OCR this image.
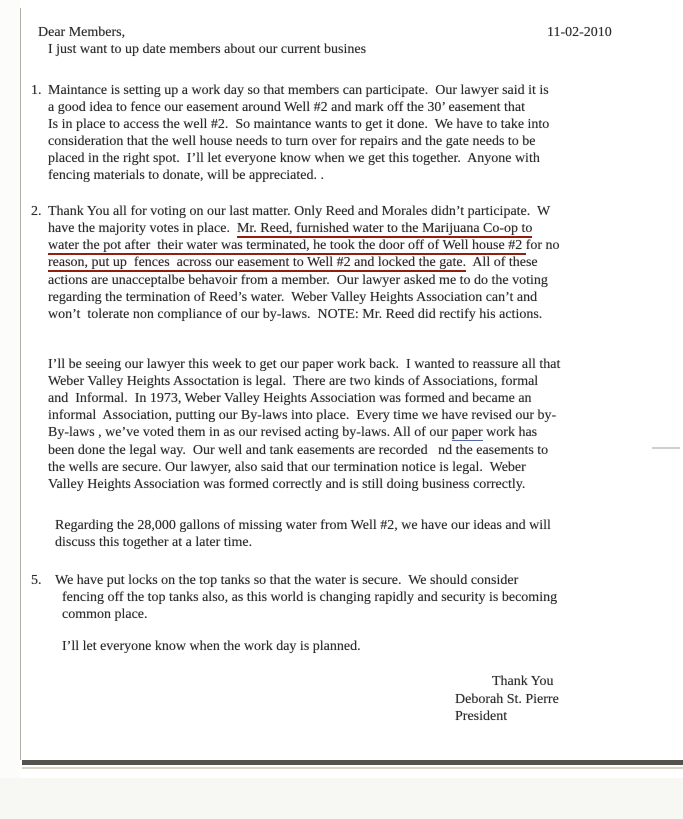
Dear Members,
I just want to up date members about our current busines
11-02-2010
1. Maintance is setting up a work day so that members can participate.  Our lawyer said it is
a good idea to fence our easement around Well #2 and mark off the 30’ easement that
Is in place to access the well #2.  So maintance wants to get it done.  We have to take into
consideration that the well house needs to turn over for repairs and the gate needs to be
placed in the right spot.  I’ll let everyone know when we get this together.  Anyone with
fencing materials to donate, will be appreciated. .
2. Thank You all for voting on our last matter. Only Reed and Morales didn’t participate.  W
have the majority votes in place.  Mr. Reed, furnished water to the Marijuana Co-op to
water the pot after  their water was terminated, he took the door off of Well house #2 for no
reason, put up  fences  across our easement to Well #2 and locked the gate.  All of these
actions are unacceptalbe behavoir from a member.  Our lawyer asked me to do the voting
regarding the termination of Reed’s water.  Weber Valley Heights Association can’t and
won’t  tolerate non compliance of our by-laws.  NOTE: Mr. Reed did rectify his actions.
I’ll be seeing our lawyer this week to get our paper work back.  I wanted to reassure all that
Weber Valley Heights Assoctation is legal.  There are two kinds of Associations, formal
and  Informal.  In 1973, Weber Valley Heights Association was formed and became an
informal  Association, putting our By-laws into place.  Every time we have revised our by-
By-laws , we’ve voted them in as our revised acting by-laws. All of our paper work has
been done the legal way.  Our well and tank easements are recorded   nd the easements to
the wells are secure. Our lawyer, also said that our termination notice is legal.  Weber
Valley Heights Association was formed correctly and is still doing business correctly.
Regarding the 28,000 gallons of missing water from Well #2, we have our ideas and will
discuss this together at a later time.
5. We have put locks on the top tanks so that the water is secure.  We should consider
fencing off the top tanks also, as this world is changing rapidly and security is becoming
common place.
I’ll let everyone know when the work day is planned.
Thank You
Deborah St. Pierre
President
